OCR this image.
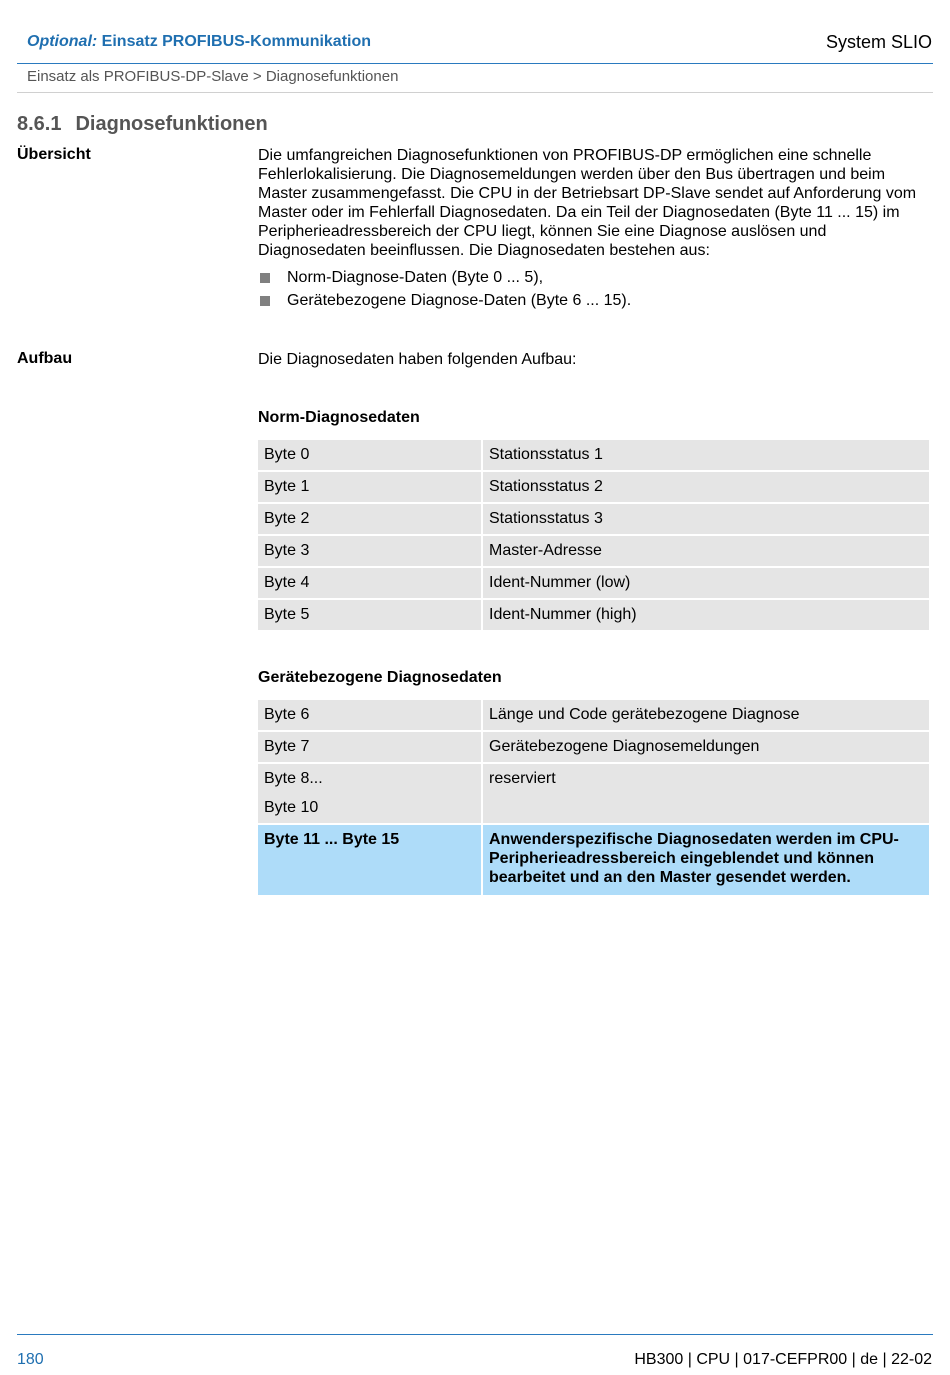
Optional: Einsatz PROFIBUS-Kommunikation	System SLIO
Einsatz als PROFIBUS-DP-Slave > Diagnosefunktionen
8.6.1 Diagnosefunktionen
Übersicht	Die umfangreichen Diagnosefunktionen von PROFIBUS-DP ermöglichen eine schnelle Fehlerlokalisierung. Die Diagnosemeldungen werden über den Bus übertragen und beim Master zusammengefasst. Die CPU in der Betriebsart DP-Slave sendet auf Anforderung vom Master oder im Fehlerfall Diagnosedaten. Da ein Teil der Diagnosedaten (Byte 11 ... 15) im Peripherieadressbereich der CPU liegt, können Sie eine Diagnose auslösen und Diagnosedaten beeinflussen. Die Diagnosedaten bestehen aus:
Norm-Diagnose-Daten (Byte 0 ... 5),
Gerätebezogene Diagnose-Daten (Byte 6 ... 15).
Aufbau	Die Diagnosedaten haben folgenden Aufbau:
Norm-Diagnosedaten
Byte 0	Stationsstatus 1
Byte 1	Stationsstatus 2
Byte 2	Stationsstatus 3
Byte 3	Master-Adresse
Byte 4	Ident-Nummer (low)
Byte 5	Ident-Nummer (high)
Gerätebezogene Diagnosedaten
Byte 6	Länge und Code gerätebezogene Diagnose
Byte 7	Gerätebezogene Diagnosemeldungen
Byte 8...
Byte 10	reserviert
Byte 11 ... Byte 15	Anwenderspezifische Diagnosedaten werden im CPU-Peripherieadressbereich eingeblendet und können bearbeitet und an den Master gesendet werden.
180	HB300 | CPU | 017-CEFPR00 | de | 22-02
